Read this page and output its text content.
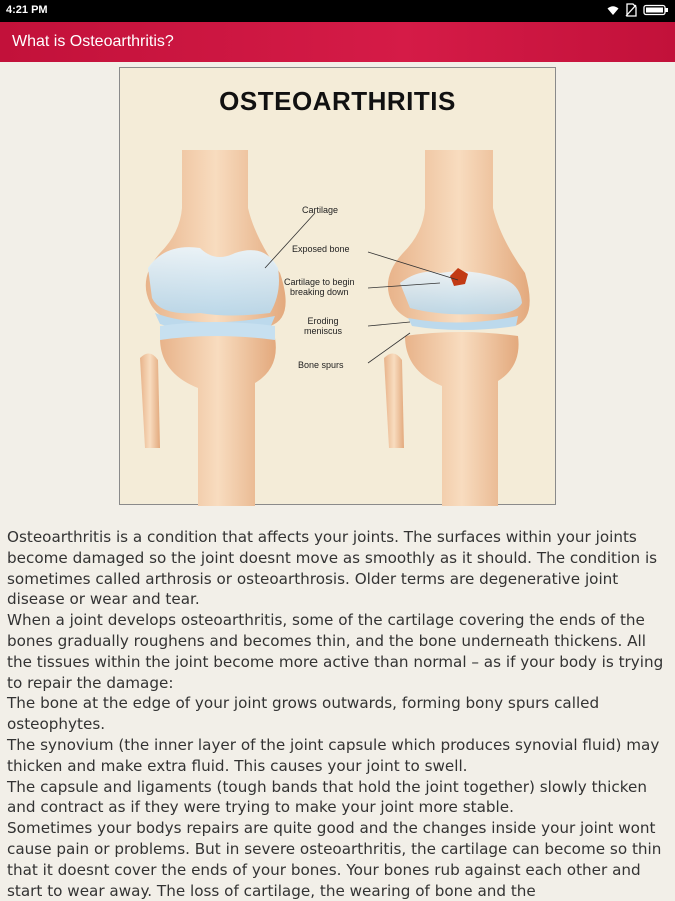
4:21 PM
What is Osteoarthritis?
OSTEOARTHRITIS
Cartilage
Exposed bone
Cartilage to begin
breaking down
Eroding
meniscus
Bone spurs

Osteoarthritis is a condition that affects your joints. The surfaces within your joints become damaged so the joint doesnt move as smoothly as it should. The condition is sometimes called arthrosis or osteoarthrosis. Older terms are degenerative joint disease or wear and tear.

When a joint develops osteoarthritis, some of the cartilage covering the ends of the bones gradually roughens and becomes thin, and the bone underneath thickens. All the tissues within the joint become more active than normal – as if your body is trying to repair the damage:

The bone at the edge of your joint grows outwards, forming bony spurs called osteophytes.

The synovium (the inner layer of the joint capsule which produces synovial fluid) may thicken and make extra fluid. This causes your joint to swell.

The capsule and ligaments (tough bands that hold the joint together) slowly thicken and contract as if they were trying to make your joint more stable.

Sometimes your bodys repairs are quite good and the changes inside your joint wont cause pain or problems. But in severe osteoarthritis, the cartilage can become so thin that it doesnt cover the ends of your bones. Your bones rub against each other and start to wear away. The loss of cartilage, the wearing of bone and the
